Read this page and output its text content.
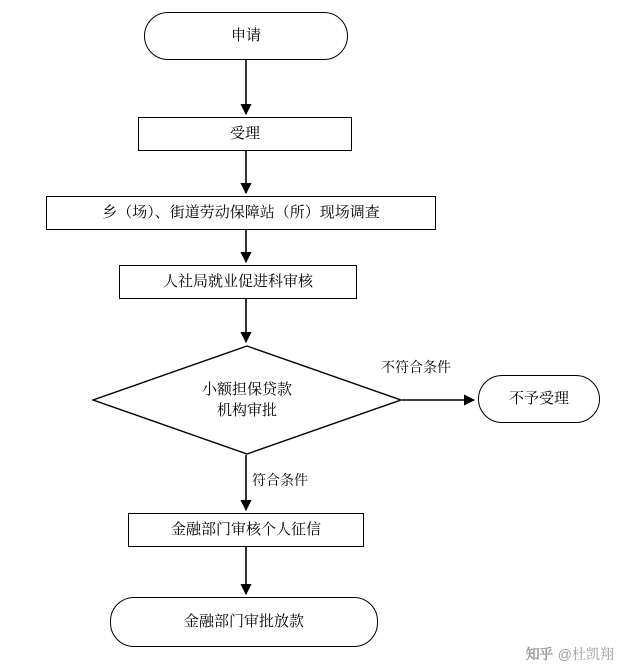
申请
受理
乡（场）、街道劳动保障站（所）现场调查
人社局就业促进科审核
小额担保贷款
机构审批
不予受理
金融部门审核个人征信
金融部门审批放款
不符合条件
符合条件
知乎 @杜凯翔
